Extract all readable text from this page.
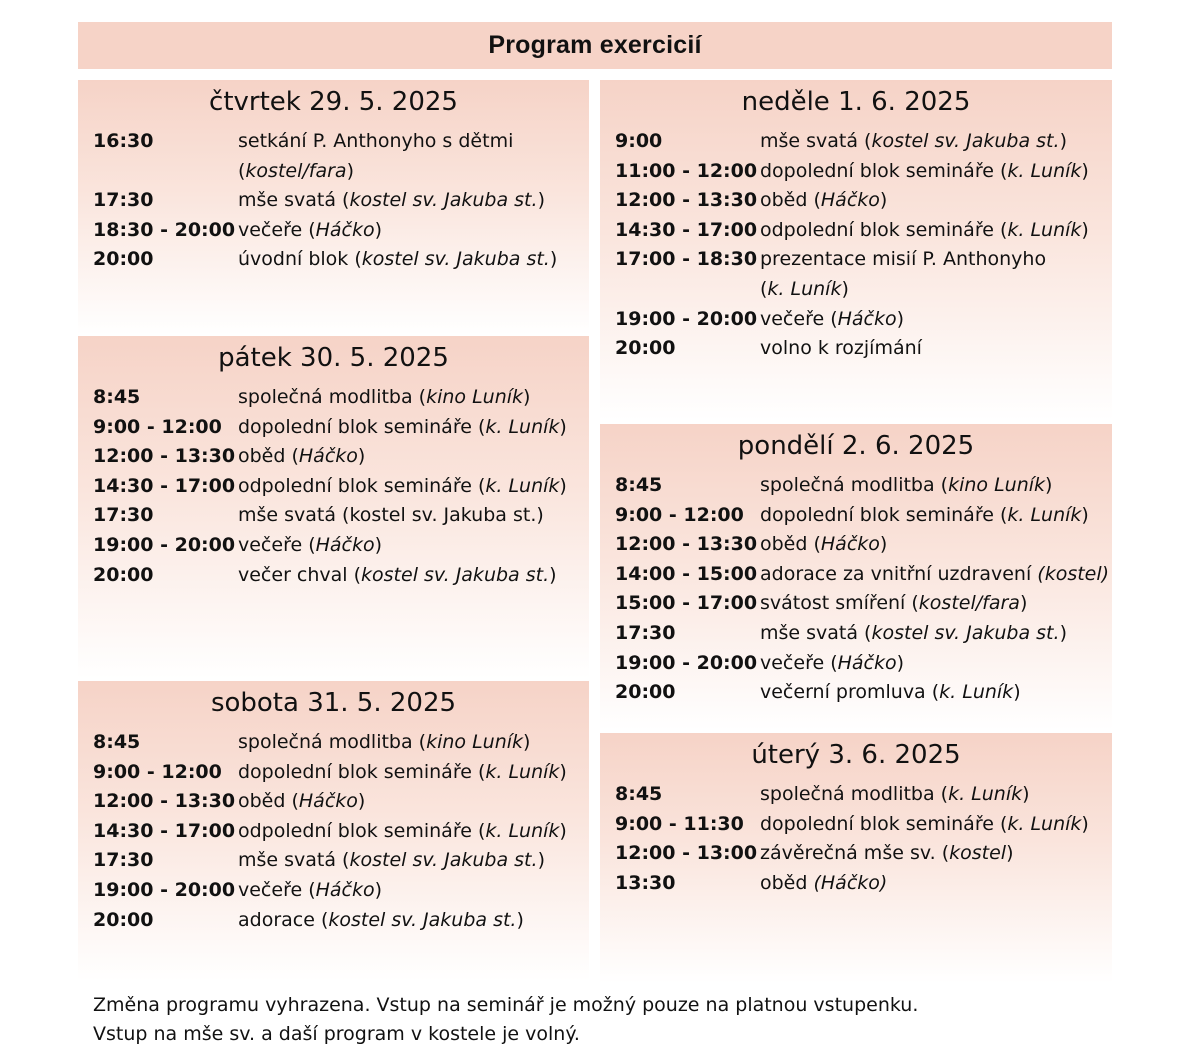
Program exercicií
čtvrtek 29. 5. 2025
16:30	setkání P. Anthonyho s dětmi
(kostel/fara)
17:30	mše svatá (kostel sv. Jakuba st.)
18:30 - 20:00 večeře (Háčko)
20:00	úvodní blok (kostel sv. Jakuba st.)
pátek 30. 5. 2025
8:45	společná modlitba (kino Luník)
9:00 - 12:00 dopolední blok semináře (k. Luník)
12:00 - 13:30 oběd (Háčko)
14:30 - 17:00 odpolední blok semináře (k. Luník)
17:30	mše svatá (kostel sv. Jakuba st.)
19:00 - 20:00 večeře (Háčko)
20:00	večer chval (kostel sv. Jakuba st.)
sobota 31. 5. 2025
8:45	společná modlitba (kino Luník)
9:00 - 12:00 dopolední blok semináře (k. Luník)
12:00 - 13:30 oběd (Háčko)
14:30 - 17:00 odpolední blok semináře (k. Luník)
17:30	mše svatá (kostel sv. Jakuba st.)
19:00 - 20:00 večeře (Háčko)
20:00	adorace (kostel sv. Jakuba st.)
neděle 1. 6. 2025
9:00	mše svatá (kostel sv. Jakuba st.)
11:00 - 12:00 dopolední blok semináře (k. Luník)
12:00 - 13:30 oběd (Háčko)
14:30 - 17:00 odpolední blok semináře (k. Luník)
17:00 - 18:30 prezentace misií P. Anthonyho
(k. Luník)
19:00 - 20:00 večeře (Háčko)
20:00	volno k rozjímání
pondělí 2. 6. 2025
8:45	společná modlitba (kino Luník)
9:00 - 12:00 dopolední blok semináře (k. Luník)
12:00 - 13:30 oběd (Háčko)
14:00 - 15:00 adorace za vnitřní uzdravení (kostel)
15:00 - 17:00 svátost smíření (kostel/fara)
17:30	mše svatá (kostel sv. Jakuba st.)
19:00 - 20:00 večeře (Háčko)
20:00	večerní promluva (k. Luník)
úterý 3. 6. 2025
8:45	společná modlitba (k. Luník)
9:00 - 11:30 dopolední blok semináře (k. Luník)
12:00 - 13:00 závěrečná mše sv. (kostel)
13:30	oběd (Háčko)
Změna programu vyhrazena. Vstup na seminář je možný pouze na platnou vstupenku.
Vstup na mše sv. a daší program v kostele je volný.
